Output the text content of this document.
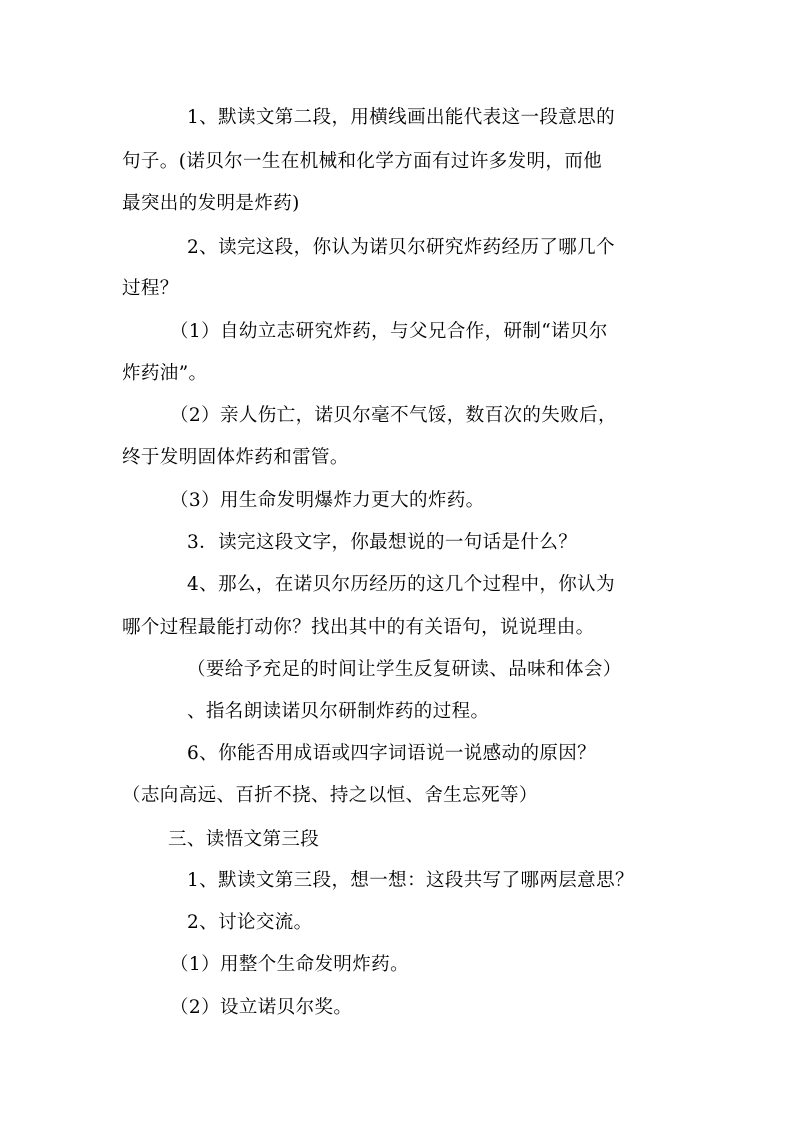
1、默读文第二段，用横线画出能代表这一段意思的
句子。(诺贝尔一生在机械和化学方面有过许多发明，而他
最突出的发明是炸药)
2、读完这段，你认为诺贝尔研究炸药经历了哪几个
过程？
（1）自幼立志研究炸药，与父兄合作，研制“诺贝尔
炸药油”。
（2）亲人伤亡，诺贝尔毫不气馁，数百次的失败后，
终于发明固体炸药和雷管。
（3）用生命发明爆炸力更大的炸药。
3．读完这段文字，你最想说的一句话是什么？
4、那么，在诺贝尔历经历的这几个过程中，你认为
哪个过程最能打动你？找出其中的有关语句，说说理由。
（要给予充足的时间让学生反复研读、品味和体会）
、指名朗读诺贝尔研制炸药的过程。
6、你能否用成语或四字词语说一说感动的原因？
（志向高远、百折不挠、持之以恒、舍生忘死等）
三、读悟文第三段
1、默读文第三段，想一想：这段共写了哪两层意思？
2、讨论交流。
（1）用整个生命发明炸药。
（2）设立诺贝尔奖。
